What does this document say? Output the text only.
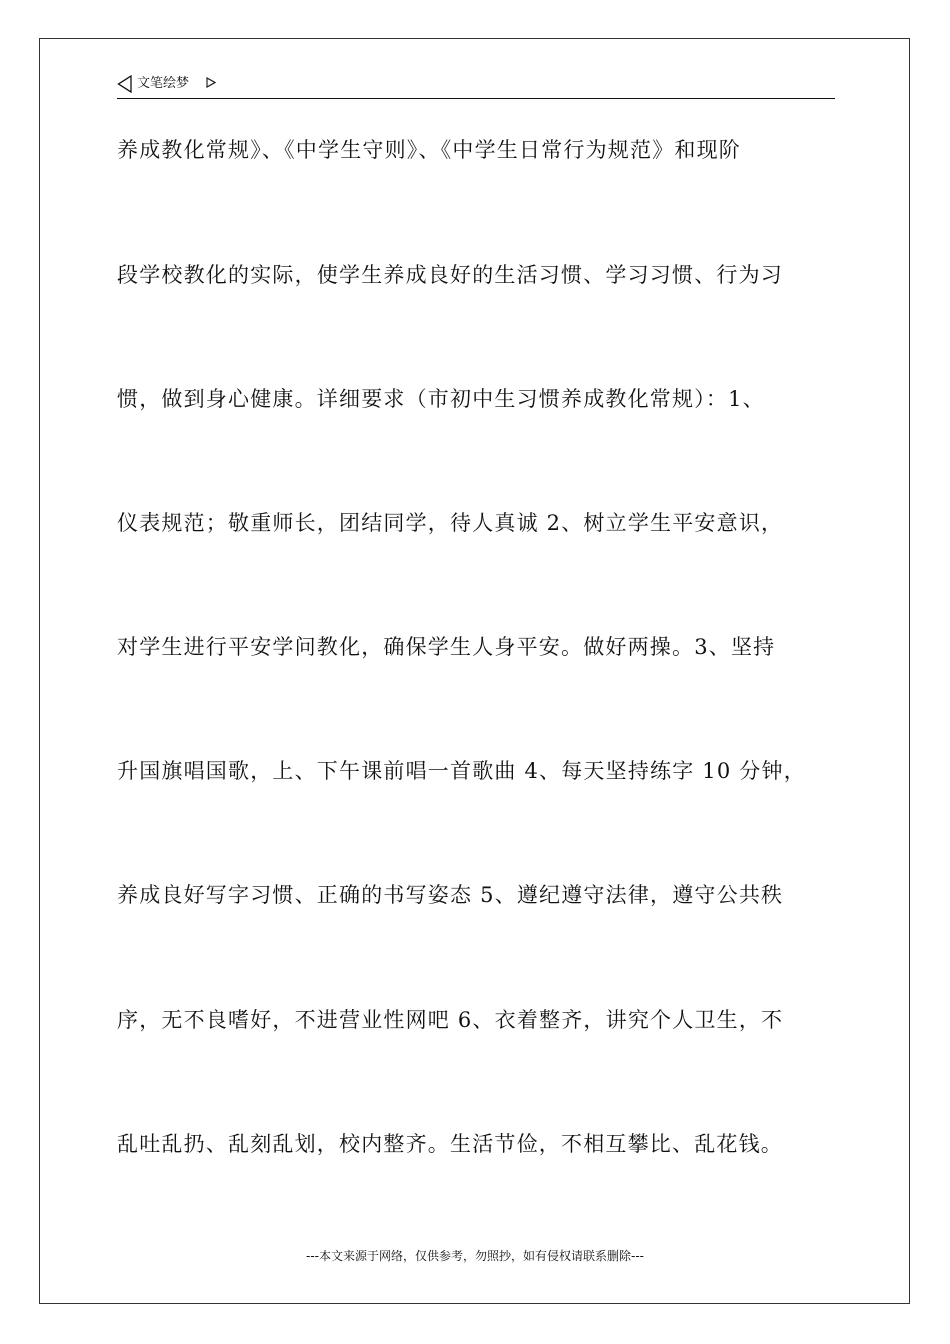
文笔绘梦
养成教化常规》、《中学生守则》、《中学生日常行为规范》和现阶
段学校教化的实际，使学生养成良好的生活习惯、学习习惯、行为习
惯，做到身心健康。详细要求（市初中生习惯养成教化常规）：1、
仪表规范；敬重师长，团结同学，待人真诚 2、树立学生平安意识，
对学生进行平安学问教化，确保学生人身平安。做好两操。3、坚持
升国旗唱国歌，上、下午课前唱一首歌曲 4、每天坚持练字 10 分钟，
养成良好写字习惯、正确的书写姿态 5、遵纪遵守法律，遵守公共秩
序，无不良嗜好，不进营业性网吧 6、衣着整齐，讲究个人卫生，不
乱吐乱扔、乱刻乱划，校内整齐。生活节俭，不相互攀比、乱花钱。
---本文来源于网络，仅供参考，勿照抄，如有侵权请联系删除---
